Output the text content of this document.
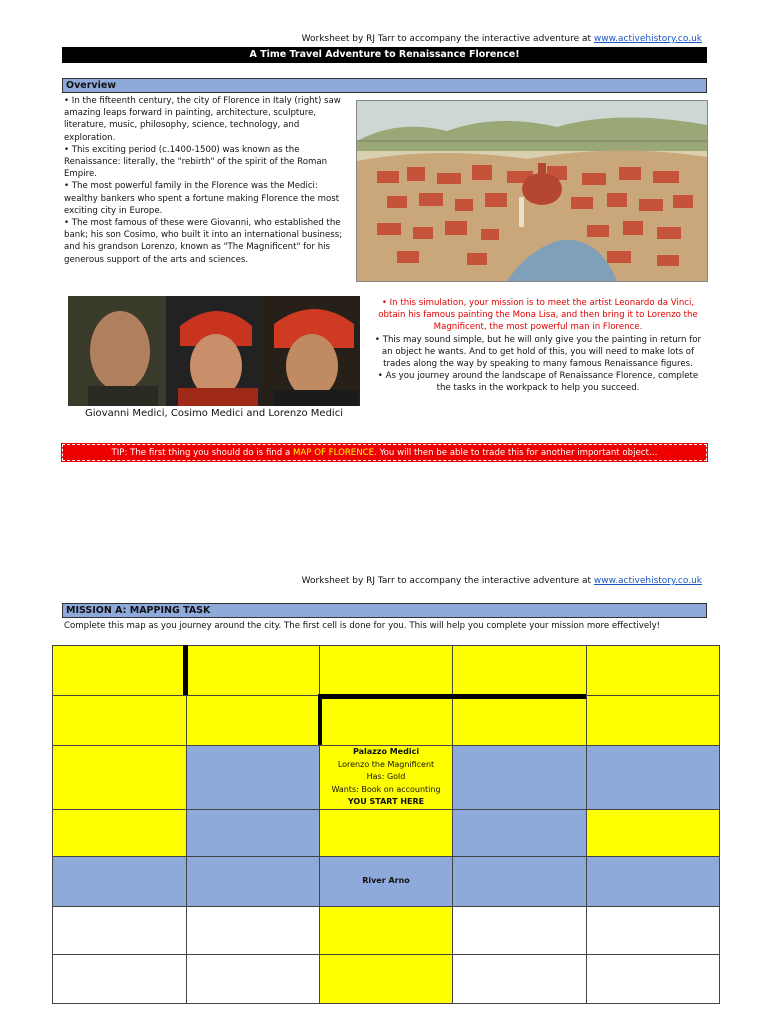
Worksheet by RJ Tarr to accompany the interactive adventure at www.activehistory.co.uk
A Time Travel Adventure to Renaissance Florence!
Overview

• In the fifteenth century, the city of Florence in Italy (right) saw amazing leaps forward in painting, architecture, sculpture, literature, music, philosophy, science, technology, and exploration.

• This exciting period (c.1400-1500) was known as the Renaissance: literally, the "rebirth" of the spirit of the Roman Empire.

• The most powerful family in the Florence was the Medici: wealthy bankers who spent a fortune making Florence the most exciting city in Europe.

• The most famous of these were Giovanni, who established the bank; his son Cosimo, who built it into an international business; and his grandson Lorenzo, known as "The Magnificent" for his generous support of the arts and sciences.

Giovanni Medici, Cosimo Medici and Lorenzo Medici

• In this simulation, your mission is to meet the artist Leonardo da Vinci, obtain his famous painting the Mona Lisa, and then bring it to Lorenzo the Magnificent, the most powerful man in Florence.

• This may sound simple, but he will only give you the painting in return for an object he wants. And to get hold of this, you will need to make lots of trades along the way by speaking to many famous Renaissance figures.

• As you journey around the landscape of Renaissance Florence, complete the tasks in the workpack to help you succeed.

TIP: The first thing you should do is find a MAP OF FLORENCE. You will then be able to trade this for another important object…
Worksheet by RJ Tarr to accompany the interactive adventure at www.activehistory.co.uk
MISSION A: MAPPING TASK
Complete this map as you journey around the city. The first cell is done for you. This will help you complete your mission more effectively!

		Palazzo Medici
Lorenzo the Magnificent
Has: Gold
Wants: Book on accounting
YOU START HERE		

		River Arno		
